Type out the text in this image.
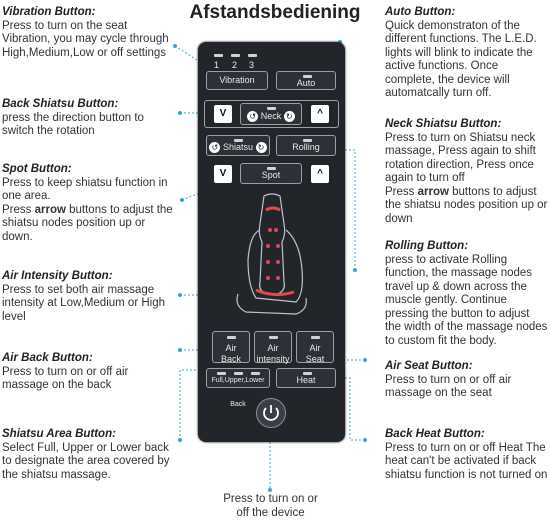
Afstandsbediening
Vibration Button:
Press to turn on the seat Vibration, you may cycle through High,Medium,Low or off settings
Back Shiatsu Button:
press the direction button to switch the rotation
Spot Button:
Press to keep shiatsu function in one area.
Press arrow buttons to adjust the shiatsu nodes position up or down.
Air Intensity Button:
Press to set both air massage intensity at Low,Medium or High level
Air Back Button:
Press to turn on or off air massage on the back
Shiatsu Area Button:
Select Full, Upper or Lower back to designate the area covered by the shiatsu massage.
Auto Button:
Quick demonstraton of the different functions. The L.E.D. lights will blink to indicate the active functions. Once complete, the device will automatcally turn off.
Neck Shiatsu Button:
Press to turn on Shiatsu neck massage, Press again to shift rotation direction, Press once again to turn off
Press arrow buttons to adjust the shiatsu nodes position up or down
Rolling Button:
press to activate Rolling function, the massage nodes travel up & down across the muscle gently. Continue pressing the button to adjust the width of the massage nodes to custom fit the body.
Air Seat Button:
Press to turn on or off air massage on the seat
Back Heat Button:
Press to turn on or off Heat The heat can't be activated if back shiatsu function is not turned on
1 2 3
Vibration	Auto
V	↺ Neck ↻	^
↺ Shiatsu ↻	Rolling
V	Spot	^
Air
Back
Air
intensity
Air
Seat
Full,Upper,Lower Back
Heat
Press to turn on or
off the device
